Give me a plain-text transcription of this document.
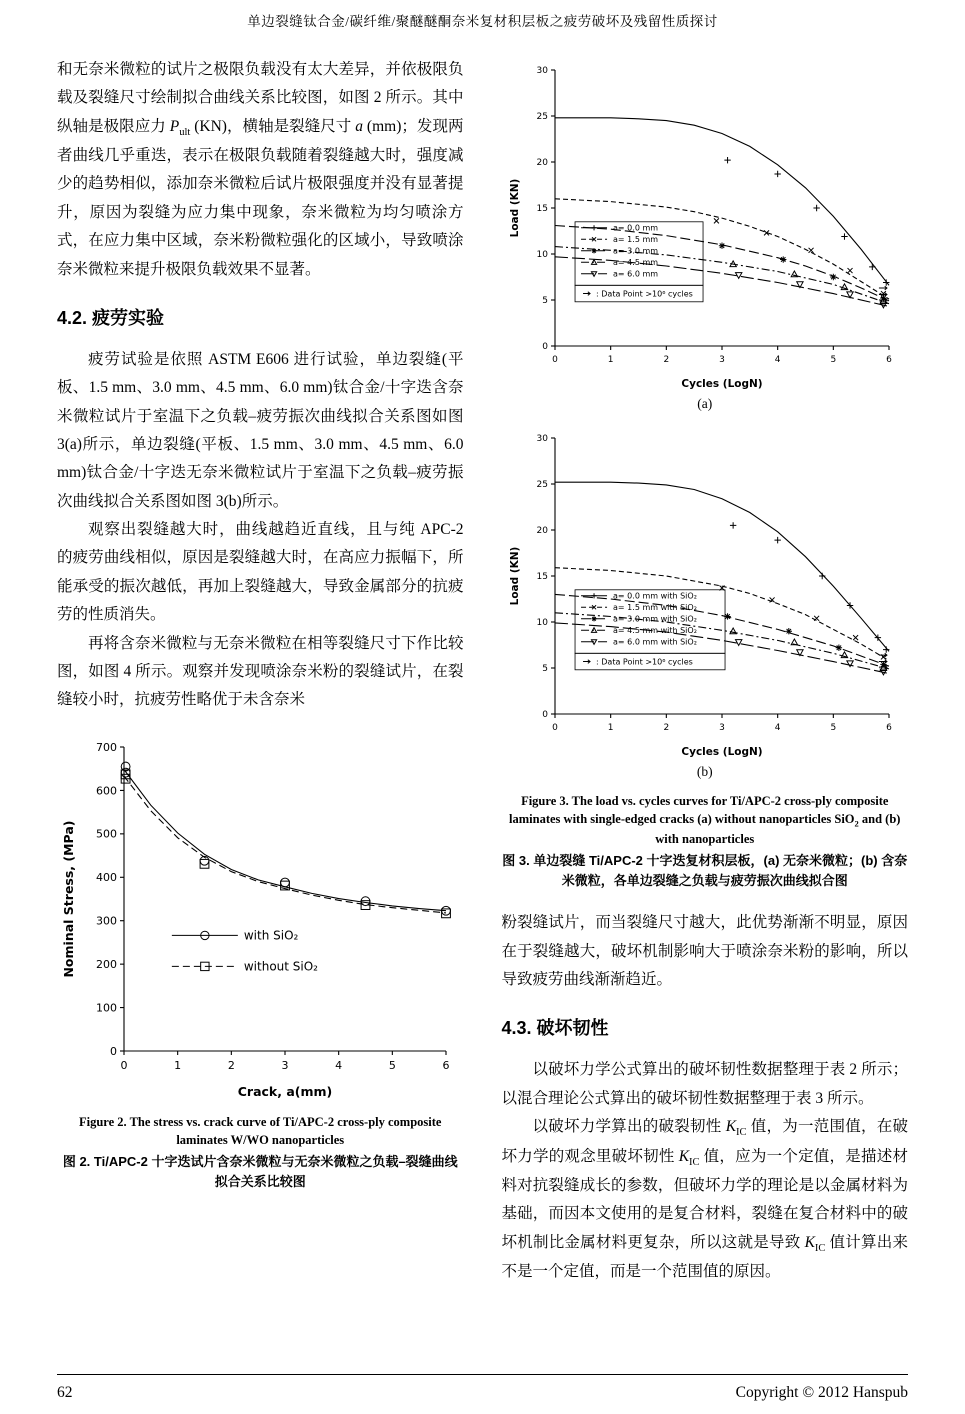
单边裂缝钛合金/碳纤维/聚醚醚酮奈米复材积层板之疲劳破坏及残留性质探讨

和无奈米微粒的试片之极限负载没有太大差异，并依极限负载及裂缝尺寸绘制拟合曲线关系比较图，如图 2 所示。其中纵轴是极限应力 $P_{ult}$ (KN)，横轴是裂缝尺寸 a (mm)；发现两者曲线几乎重迭，表示在极限负载随着裂缝越大时，强度减少的趋势相似，添加奈米微粒后试片极限强度并没有显著提升，原因为裂缝为应力集中现象，奈米微粒为均匀喷涂方式，在应力集中区域，奈米粉微粒强化的区域小，导致喷涂奈米微粒来提升极限负载效果不显著。

4.2. 疲劳实验

疲劳试验是依照 ASTM E606 进行试验，单边裂缝(平板、1.5 mm、3.0 mm、4.5 mm、6.0 mm)钛合金/十字迭含奈米微粒试片于室温下之负载–疲劳振次曲线拟合关系图如图 3(a)所示，单边裂缝(平板、1.5 mm、3.0 mm、4.5 mm、6.0 mm)钛合金/十字迭无奈米微粒试片于室温下之负载–疲劳振次曲线拟合关系图如图 3(b)所示。

观察出裂缝越大时，曲线越趋近直线，且与纯 APC-2 的疲劳曲线相似，原因是裂缝越大时，在高应力振幅下，所能承受的振次越低，再加上裂缝越大，导致金属部分的抗疲劳的性质消失。

再将含奈米微粒与无奈米微粒在相等裂缝尺寸下作比较图，如图 4 所示。观察并发现喷涂奈米粉的裂缝试片，在裂缝较小时，抗疲劳性略优于未含奈米

0	1	2	3	4	5	6
0
100
200
300
400
500
600
700
Crack, a(mm)
Nominal Stress, (MPa)	with SiO₂
without SiO₂
Figure 2. The stress vs. crack curve of Ti/APC-2 cross-ply composite laminates W/WO nanoparticles
图 2. Ti/APC-2 十字迭试片含奈米微粒与无奈米微粒之负载–裂缝曲线拟合关系比较图
0	1	2	3	4	5	6
0
5
10
15
20
25
30
Cycles (LogN)
Load (KN)	a= 0.0 mm
a= 1.5 mm
a= 3.0 mm
a= 4.5 mm
a= 6.0 mm
: Data Point >10⁶ cycles
(a)
0	1	2	3	4	5	6
0
5
10
15
20
25
30
Cycles (LogN)
Load (KN)	a= 0.0 mm with SiO₂
a= 1.5 mm with SiO₂
a= 3.0 mm with SiO₂
a= 4.5 mm with SiO₂
a= 6.0 mm with SiO₂
: Data Point >10⁶ cycles
(b)
Figure 3. The load vs. cycles curves for Ti/APC-2 cross-ply composite laminates with single-edged cracks (a) without nanoparticles SiO$_2$ and (b) with nanoparticles
图 3. 单边裂缝 Ti/APC-2 十字迭复材积层板，(a) 无奈米微粒；(b) 含奈米微粒，各单边裂缝之负载与疲劳振次曲线拟合图

粉裂缝试片，而当裂缝尺寸越大，此优势渐渐不明显，原因在于裂缝越大，破坏机制影响大于喷涂奈米粉的影响，所以导致疲劳曲线渐渐趋近。

4.3. 破坏韧性

以破坏力学公式算出的破坏韧性数据整理于表 2 所示；以混合理论公式算出的破坏韧性数据整理于表 3 所示。

以破坏力学算出的破裂韧性 $K_{IC}$ 值，为一范围值，在破坏力学的观念里破坏韧性 $K_{IC}$ 值，应为一个定值，是描述材料对抗裂缝成长的参数，但破坏力学的理论是以金属材料为基础，而因本文使用的是复合材料，裂缝在复合材料中的破坏机制比金属材料更复杂，所以这就是导致 $K_{IC}$ 值计算出来不是一个定值，而是一个范围值的原因。

62	Copyright © 2012 Hanspub
